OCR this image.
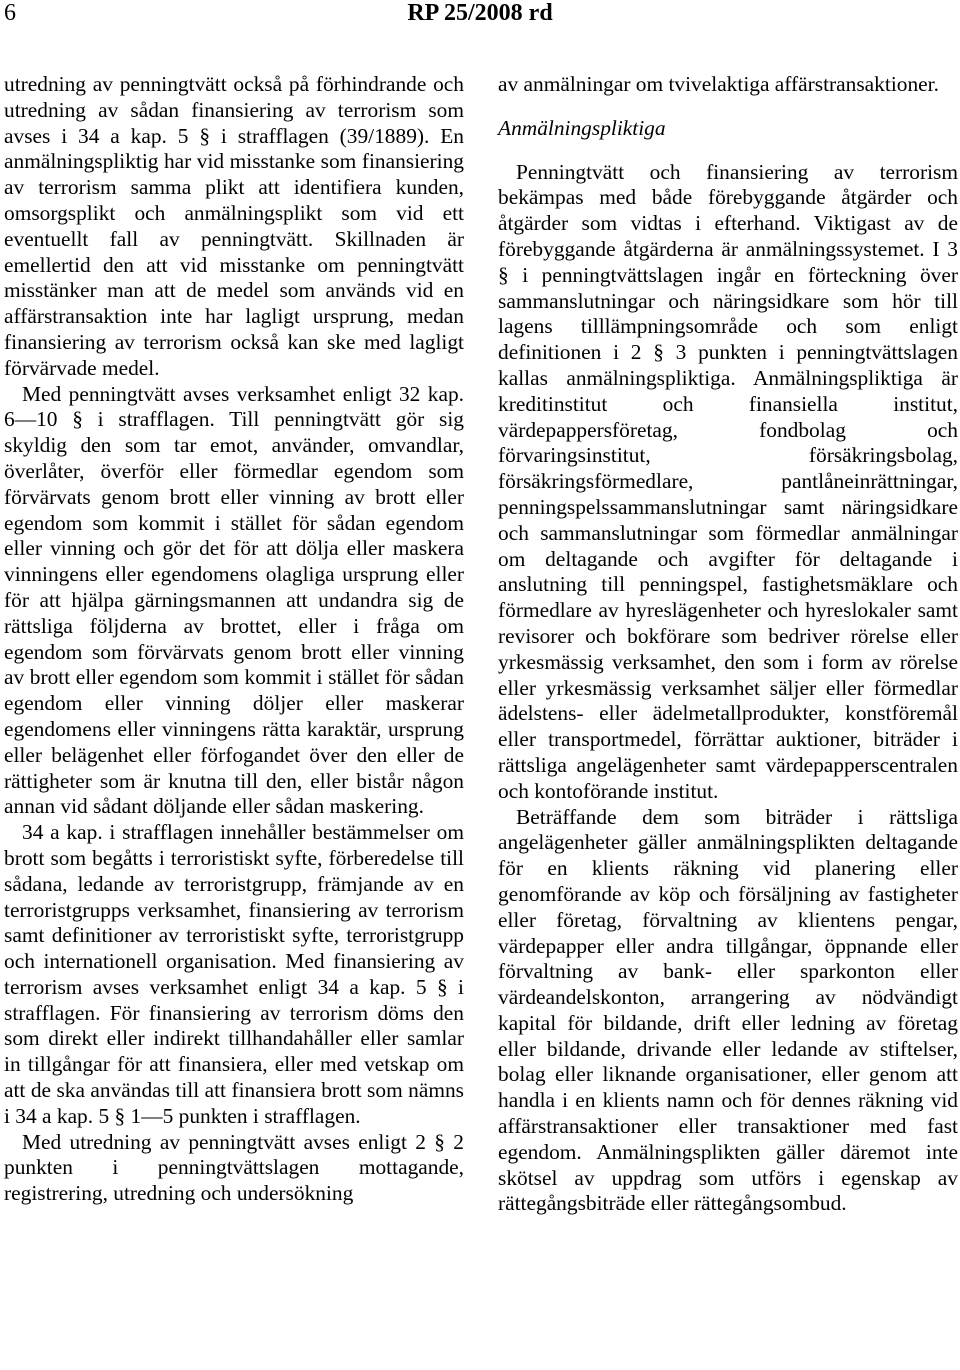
6	RP 25/2008 rd

utredning av penningtvätt också på förhindrande och utredning av sådan finansiering av terrorism som avses i 34 a kap. 5 § i strafflagen (39/1889). En anmälningspliktig har vid misstanke som finansiering av terrorism samma plikt att identifiera kunden, omsorgsplikt och anmälningsplikt som vid ett eventuellt fall av penningtvätt. Skillnaden är emellertid den att vid misstanke om penningtvätt misstänker man att de medel som används vid en affärstransaktion inte har lagligt ursprung, medan finansiering av terrorism också kan ske med lagligt förvärvade medel.

Med penningtvätt avses verksamhet enligt 32 kap. 6—10 § i strafflagen. Till penningtvätt gör sig skyldig den som tar emot, använder, omvandlar, överlåter, överför eller förmedlar egendom som förvärvats genom brott eller vinning av brott eller egendom som kommit i stället för sådan egendom eller vinning och gör det för att dölja eller maskera vinningens eller egendomens olagliga ursprung eller för att hjälpa gärningsmannen att undandra sig de rättsliga följderna av brottet, eller i fråga om egendom som förvärvats genom brott eller vinning av brott eller egendom som kommit i stället för sådan egendom eller vinning döljer eller maskerar egendomens eller vinningens rätta karaktär, ursprung eller belägenhet eller förfogandet över den eller de rättigheter som är knutna till den, eller bistår någon annan vid sådant döljande eller sådan maskering.

34 a kap. i strafflagen innehåller bestämmelser om brott som begåtts i terroristiskt syfte, förberedelse till sådana, ledande av terroristgrupp, främjande av en terroristgrupps verksamhet, finansiering av terrorism samt definitioner av terroristiskt syfte, terroristgrupp och internationell organisation. Med finansiering av terrorism avses verksamhet enligt 34 a kap. 5 § i strafflagen. För finansiering av terrorism döms den som direkt eller indirekt tillhandahåller eller samlar in tillgångar för att finansiera, eller med vetskap om att de ska användas till att finansiera brott som nämns i 34 a kap. 5 § 1—5 punkten i strafflagen.

Med utredning av penningtvätt avses enligt 2 § 2 punkten i penningtvättslagen mottagande, registrering, utredning och undersökning

av anmälningar om tvivelaktiga affärstransaktioner.

Anmälningspliktiga

Penningtvätt och finansiering av terrorism bekämpas med både förebyggande åtgärder och åtgärder som vidtas i efterhand. Viktigast av de förebyggande åtgärderna är anmälningssystemet. I 3 § i penningtvättslagen ingår en förteckning över sammanslutningar och näringsidkare som hör till lagens tilllämpningsområde och som enligt definitionen i 2 § 3 punkten i penningtvättslagen kallas anmälningspliktiga. Anmälningspliktiga är kreditinstitut och finansiella institut, värdepappersföretag, fondbolag och förvaringsinstitut, försäkringsbolag, försäkringsförmedlare, pantlåneinrättningar, penningspelssammanslutningar samt näringsidkare och sammanslutningar som förmedlar anmälningar om deltagande och avgifter för deltagande i anslutning till penningspel, fastighetsmäklare och förmedlare av hyreslägenheter och hyreslokaler samt revisorer och bokförare som bedriver rörelse eller yrkesmässig verksamhet, den som i form av rörelse eller yrkesmässig verksamhet säljer eller förmedlar ädelstens- eller ädelmetallprodukter, konstföremål eller transportmedel, förrättar auktioner, biträder i rättsliga angelägenheter samt värdepapperscentralen och kontoförande institut.

Beträffande dem som biträder i rättsliga angelägenheter gäller anmälningsplikten deltagande för en klients räkning vid planering eller genomförande av köp och försäljning av fastigheter eller företag, förvaltning av klientens pengar, värdepapper eller andra tillgångar, öppnande eller förvaltning av bank- eller sparkonton eller värdeandelskonton, arrangering av nödvändigt kapital för bildande, drift eller ledning av företag eller bildande, drivande eller ledande av stiftelser, bolag eller liknande organisationer, eller genom att handla i en klients namn och för dennes räkning vid affärstransaktioner eller transaktioner med fast egendom. Anmälningsplikten gäller däremot inte skötsel av uppdrag som utförs i egenskap av rättegångsbiträde eller rättegångsombud.
